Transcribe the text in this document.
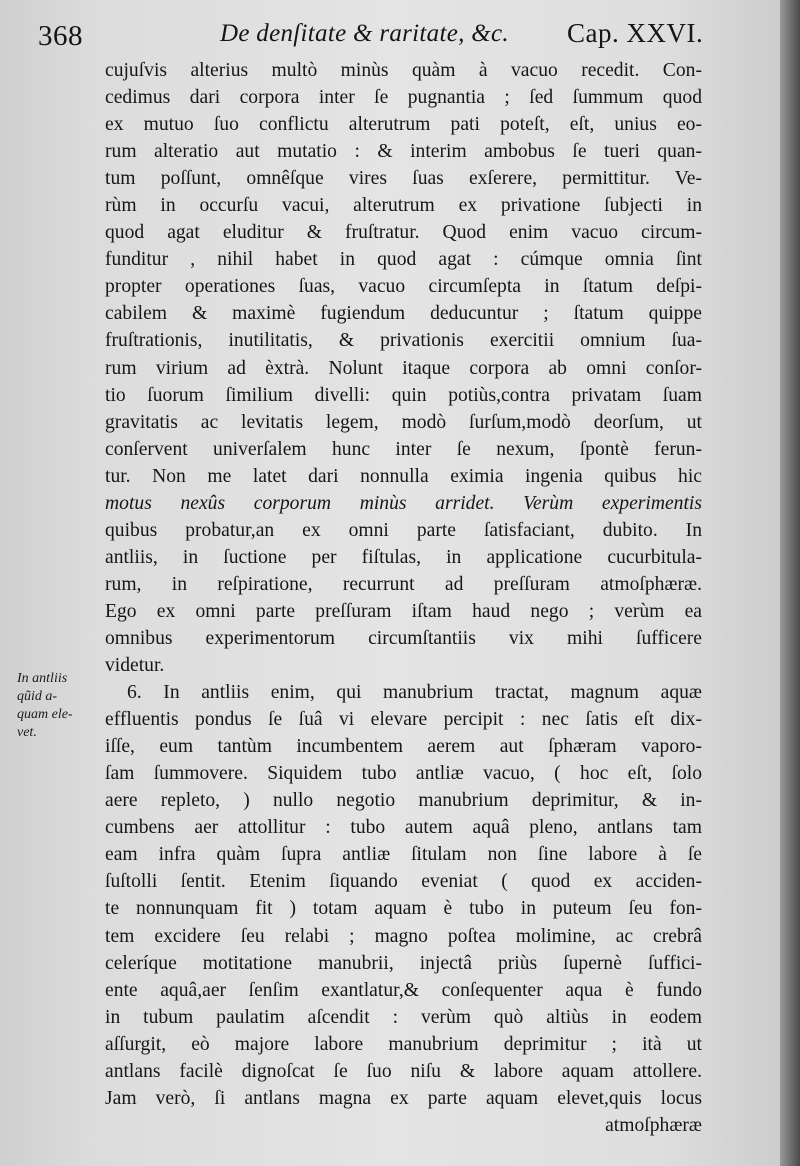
368	De denſitate & raritate, &c. Cap. XXVI.
cujuſvis alterius multò minùs quàm à vacuo recedit. Con-
cedimus dari corpora inter ſe pugnantia ; ſed ſummum quod
ex mutuo ſuo conflictu alterutrum pati poteſt, eſt, unius eo-
rum alteratio aut mutatio : & interim ambobus ſe tueri quan-
tum poſſunt, omnêſque vires ſuas exſerere, permittitur. Ve-
rùm in occurſu vacui, alterutrum ex privatione ſubjecti in
quod agat eluditur & fruſtratur. Quod enim vacuo circum-
funditur , nihil habet in quod agat : cúmque omnia ſint
propter operationes ſuas, vacuo circumſepta in ſtatum deſpi-
cabilem & maximè fugiendum deducuntur ; ſtatum quippe
fruſtrationis, inutilitatis, & privationis exercitii omnium ſua-
rum virium ad èxtrà. Nolunt itaque corpora ab omni conſor-
tio ſuorum ſimilium divelli: quin potiùs,contra privatam ſuam
gravitatis ac levitatis legem, modò ſurſum,modò deorſum, ut
conſervent univerſalem hunc inter ſe nexum, ſpontè ferun-
tur. Non me latet dari nonnulla eximia ingenia quibus hic
motus nexûs corporum minùs arridet. Verùm experimentis
quibus probatur,an ex omni parte ſatisfaciant, dubito. In
antliis, in ſuctione per fiſtulas, in applicatione cucurbitula-
rum, in reſpiratione, recurrunt ad preſſuram atmoſphæræ.
Ego ex omni parte preſſuram iſtam haud nego ; verùm ea
omnibus experimentorum circumſtantiis vix mihi ſufficere
videtur.
6. In antliis enim, qui manubrium tractat, magnum aquæ
effluentis pondus ſe ſuâ vi elevare percipit : nec ſatis eſt dix-
iſſe, eum tantùm incumbentem aerem aut ſphæram vaporo-
ſam ſummovere. Siquidem tubo antliæ vacuo, ( hoc eſt, ſolo
aere repleto, ) nullo negotio manubrium deprimitur, & in-
cumbens aer attollitur : tubo autem aquâ pleno, antlans tam
eam infra quàm ſupra antliæ ſitulam non ſine labore à ſe
ſuſtolli ſentit. Etenim ſiquando eveniat ( quod ex acciden-
te nonnunquam fit ) totam aquam è tubo in puteum ſeu fon-
tem excidere ſeu relabi ; magno poſtea molimine, ac crebrâ
celeríque motitatione manubrii, injectâ priùs ſupernè ſuffici-
ente aquâ,aer ſenſim exantlatur,& conſequenter aqua è fundo
in tubum paulatim aſcendit : verùm quò altiùs in eodem
aſſurgit, eò majore labore manubrium deprimitur ; ità ut
antlans facilè dignoſcat ſe ſuo niſu & labore aquam attollere.
Jam verò, ſi antlans magna ex parte aquam elevet,quis locus
atmoſphæræ
In antliis
qũid a-
quam ele-
vet.
